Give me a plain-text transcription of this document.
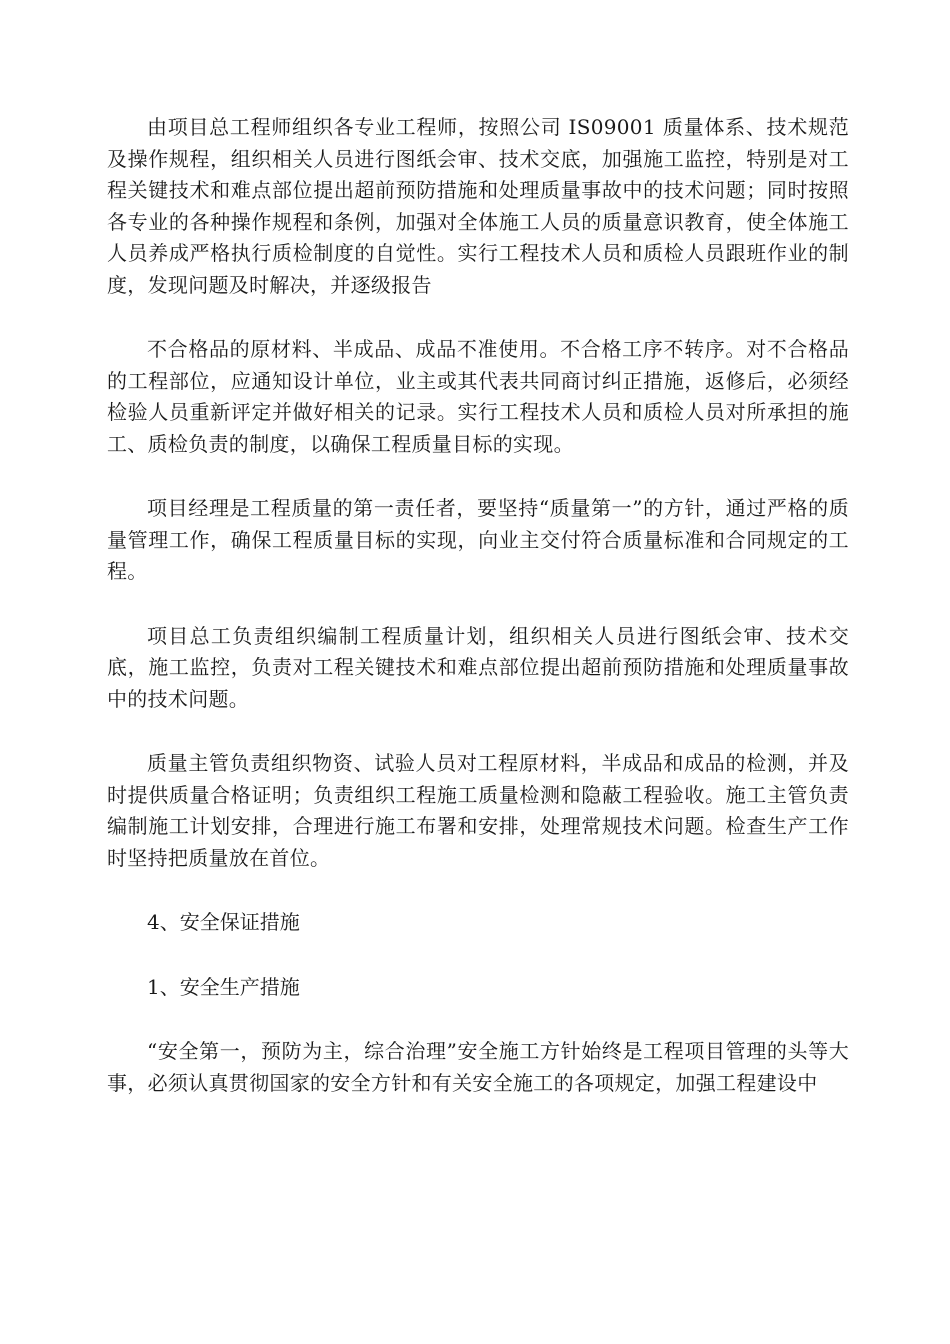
由项目总工程师组织各专业工程师，按照公司 IS09001 质量体系、技术规范及操作规程，组织相关人员进行图纸会审、技术交底，加强施工监控，特别是对工程关键技术和难点部位提出超前预防措施和处理质量事故中的技术问题；同时按照各专业的各种操作规程和条例，加强对全体施工人员的质量意识教育，使全体施工人员养成严格执行质检制度的自觉性。实行工程技术人员和质检人员跟班作业的制度，发现问题及时解决，并逐级报告

不合格品的原材料、半成品、成品不准使用。不合格工序不转序。对不合格品的工程部位，应通知设计单位，业主或其代表共同商讨纠正措施，返修后，必须经检验人员重新评定并做好相关的记录。实行工程技术人员和质检人员对所承担的施工、质检负责的制度，以确保工程质量目标的实现。

项目经理是工程质量的第一责任者，要坚持“质量第一”的方针，通过严格的质量管理工作，确保工程质量目标的实现，向业主交付符合质量标准和合同规定的工程。

项目总工负责组织编制工程质量计划，组织相关人员进行图纸会审、技术交底，施工监控，负责对工程关键技术和难点部位提出超前预防措施和处理质量事故中的技术问题。

质量主管负责组织物资、试验人员对工程原材料，半成品和成品的检测，并及时提供质量合格证明；负责组织工程施工质量检测和隐蔽工程验收。施工主管负责编制施工计划安排，合理进行施工布署和安排，处理常规技术问题。检查生产工作时坚持把质量放在首位。

4、安全保证措施

1、安全生产措施

“安全第一，预防为主，综合治理”安全施工方针始终是工程项目管理的头等大事，必须认真贯彻国家的安全方针和有关安全施工的各项规定，加强工程建设中
